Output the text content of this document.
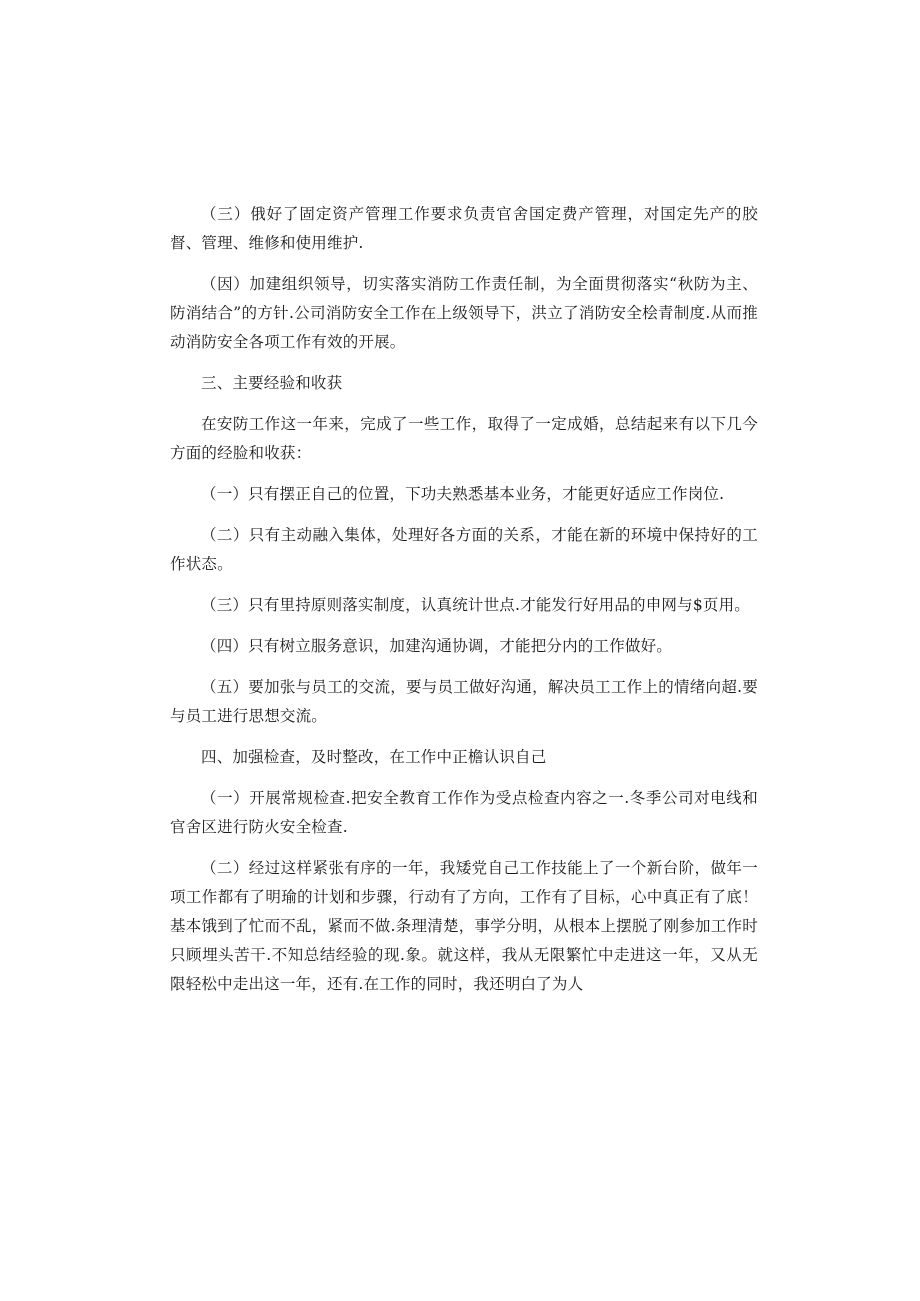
（三）俄好了固定资产管理工作要求负责官舍国定费产管理，对国定先产的胶督、管理、维修和使用维护.

（因）加建组织领导，切实落实消防工作责任制，为全面贯彻落实“秋防为主、防消结合”的方针.公司消防安全工作在上级领导下，洪立了消防安全桧青制度.从而推动消防安全各项工作有效的开展。

三、主要经验和收获

在安防工作这一年来，完成了一些工作，取得了一定成婚，总结起来有以下几今方面的经脸和收获：

（一）只有摆正自己的位置，下功夫熟悉基本业务，才能更好适应工作岗位.

（二）只有主动融入集体，处理好各方面的关系，才能在新的环境中保持好的工作状态。

（三）只有里持原则落实制度，认真统计世点.才能发行好用品的申网与$页用。

（四）只有树立服务意识，加建沟通协调，才能把分内的工作做好。

（五）要加张与员工的交流，要与员工做好沟通，解决员工工作上的情绪向超.要与员工进行思想交流。

四、加强检查，及时整改，在工作中正檐认识自己

（一）开展常规检查.把安全教育工作作为受点检查内容之一.冬季公司对电线和官舍区进行防火安全检查.

（二）经过这样紧张有序的一年，我矮党自己工作技能上了一个新台阶，做年一项工作都有了明瑜的计划和步骤，行动有了方向，工作有了目标，心中真正有了底！基本饿到了忙而不乱，紧而不做.条理清楚，事学分明，从根本上摆脱了刚参加工作时只顾埋头苦干.不知总结经验的现.象。就这样，我从无限繁忙中走进这一年，又从无限轻松中走出这一年，还有.在工作的同时，我还明白了为人
